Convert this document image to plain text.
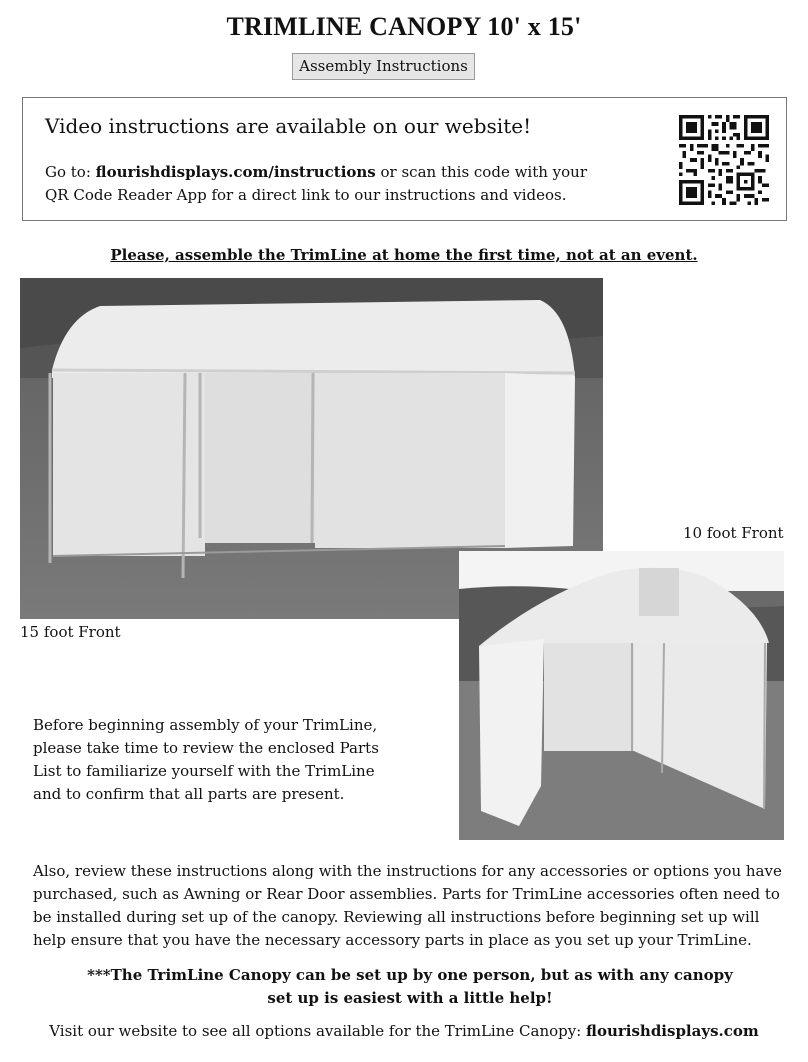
TRIMLINE CANOPY 10' x 15'
Assembly Instructions
Video instructions are available on our website!
Go to: flourishdisplays.com/instructions or scan this code with your QR Code Reader App for a direct link to our instructions and videos.
Please, assemble the TrimLine at home the first time, not at an event.
15 foot Front
10 foot Front
Before beginning assembly of your TrimLine, please take time to review the enclosed Parts List to familiarize yourself with the TrimLine and to confirm that all parts are present.
Also, review these instructions along with the instructions for any accessories or options you have purchased, such as Awning or Rear Door assemblies. Parts for TrimLine accessories often need to be installed during set up of the canopy. Reviewing all instructions before beginning set up will help ensure that you have the necessary accessory parts in place as you set up your TrimLine.
***The TrimLine Canopy can be set up by one person, but as with any canopy
set up is easiest with a little help!
Visit our website to see all options available for the TrimLine Canopy: flourishdisplays.com
